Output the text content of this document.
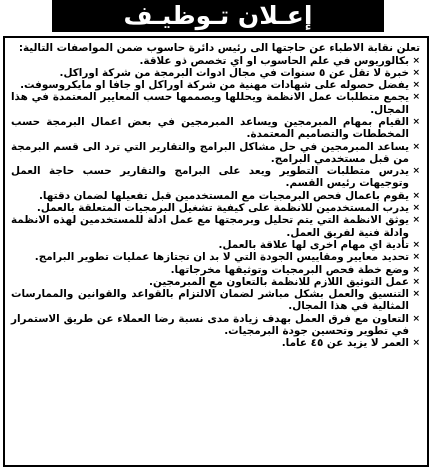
إعـلان تـوظيـف

تعلن نقابة الاطباء عن حاجتها الى رئيس دائرة حاسوب ضمن المواصفات التالية:

×
بكالوريوس في علم الحاسوب او اي تخصص ذو علاقة.
×
خبرة لا تقل عن ٥ سنوات في مجال ادوات البرمجة من شركة اوراكل.
×
يفضل حصوله على شهادات مهنية من شركة اوراكل او جافا او مايكروسوفت.
×
يجمع متطلبات عمل الانظمة ويحللها ويصممها حسب المعايير المعتمدة في هذا المجال.
×
القيام بمهام المبرمجين ويساعد المبرمجين في بعض اعمال البرمجة حسب المخططات والتصاميم المعتمدة.
×
يساعد المبرمجين في حل مشاكل البرامج والتقارير التي ترد الى قسم البرمجة من قبل مستخدمي البرامج.
×
يدرس متطلبات التطوير ويعد على البرامج والتقارير حسب حاجة العمل وتوجيهات رئيس القسم.
×
يقوم باعمال فحص البرمجيات مع المستخدمين قبل تفعيلها لضمان دقتها.
×
يدرب المستخدمين للانظمة على كيفية تشغيل البرمجيات المتعلقة بالعمل.
×
يوثق الانظمة التي يتم تحليل وبرمجتها مع عمل ادلة للمستخدمين لهذه الانظمة وادلة فنية لفريق العمل.
×
تأدية اي مهام اخرى لها علاقة بالعمل.
×
تحديد معايير ومقاييس الجودة التي لا بد ان تجتازها عمليات تطوير البرامج.
×
وضع خطة فحص البرمجيات وتوثيقها مخرجاتها.
×
عمل التوثيق اللازم للانظمة بالتعاون مع المبرمجين.
×
التنسيق والعمل بشكل مباشر لضمان الالتزام بالقواعد والقوانين والممارسات المثالية في هذا المجال.
×
التعاون مع فرق العمل بهدف زيادة مدى نسبة رضا العملاء عن طريق الاستمرار في تطوير وتحسين جودة البرمجيات.
×
العمر لا يزيد عن ٤٥ عاما.
